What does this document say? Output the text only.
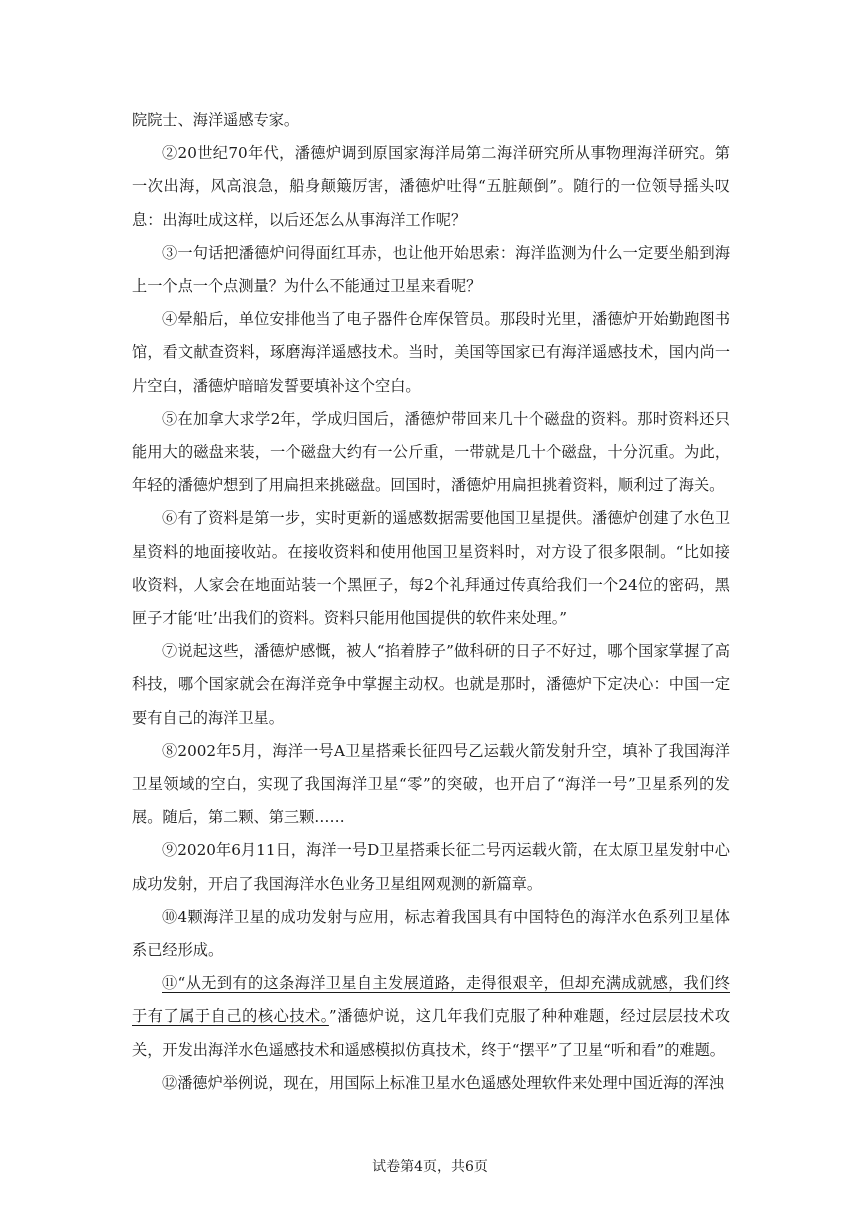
院院士、海洋遥感专家。

②20世纪70年代，潘德炉调到原国家海洋局第二海洋研究所从事物理海洋研究。第一次出海，风高浪急，船身颠簸厉害，潘德炉吐得“五脏颠倒”。随行的一位领导摇头叹息：出海吐成这样，以后还怎么从事海洋工作呢？

③一句话把潘德炉问得面红耳赤，也让他开始思索：海洋监测为什么一定要坐船到海上一个点一个点测量？为什么不能通过卫星来看呢？

④晕船后，单位安排他当了电子器件仓库保管员。那段时光里，潘德炉开始勤跑图书馆，看文献查资料，琢磨海洋遥感技术。当时，美国等国家已有海洋遥感技术，国内尚一片空白，潘德炉暗暗发誓要填补这个空白。

⑤在加拿大求学2年，学成归国后，潘德炉带回来几十个磁盘的资料。那时资料还只能用大的磁盘来装，一个磁盘大约有一公斤重，一带就是几十个磁盘，十分沉重。为此，年轻的潘德炉想到了用扁担来挑磁盘。回国时，潘德炉用扁担挑着资料，顺利过了海关。

⑥有了资料是第一步，实时更新的遥感数据需要他国卫星提供。潘德炉创建了水色卫星资料的地面接收站。在接收资料和使用他国卫星资料时，对方设了很多限制。“比如接收资料，人家会在地面站装一个黑匣子，每2个礼拜通过传真给我们一个24位的密码，黑匣子才能‘吐’出我们的资料。资料只能用他国提供的软件来处理。”

⑦说起这些，潘德炉感慨，被人“掐着脖子”做科研的日子不好过，哪个国家掌握了高科技，哪个国家就会在海洋竞争中掌握主动权。也就是那时，潘德炉下定决心：中国一定要有自己的海洋卫星。

⑧2002年5月，海洋一号A卫星搭乘长征四号乙运载火箭发射升空，填补了我国海洋卫星领域的空白，实现了我国海洋卫星“零”的突破，也开启了“海洋一号”卫星系列的发展。随后，第二颗、第三颗……

⑨2020年6月11日，海洋一号D卫星搭乘长征二号丙运载火箭，在太原卫星发射中心成功发射，开启了我国海洋水色业务卫星组网观测的新篇章。

⑩4颗海洋卫星的成功发射与应用，标志着我国具有中国特色的海洋水色系列卫星体系已经形成。

⑪“从无到有的这条海洋卫星自主发展道路，走得很艰辛，但却充满成就感，我们终于有了属于自己的核心技术。”潘德炉说，这几年我们克服了种种难题，经过层层技术攻关，开发出海洋水色遥感技术和遥感模拟仿真技术，终于“摆平”了卫星“听和看”的难题。

⑫潘德炉举例说，现在，用国际上标准卫星水色遥感处理软件来处理中国近海的浑浊

试卷第4页，共6页
